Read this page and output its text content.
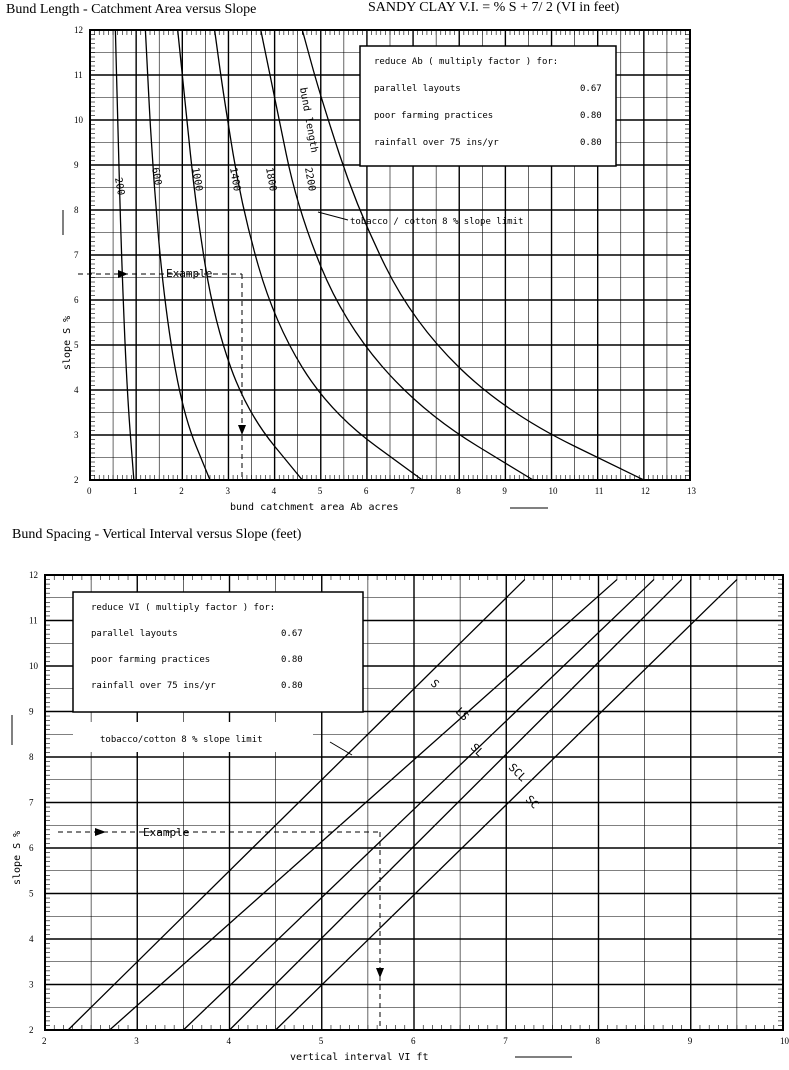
Bund Length - Catchment Area versus Slope	SANDY CLAY V.I. = % S + 7/ 2 (VI in feet)
Bund Spacing - Vertical Interval versus Slope (feet)
0	1	2	3	4	5	6	7	8	9	10	11	12	13
2
3
4
5
6
7
8
9
10
11
12
bund catchment area Ab acres
slope S %
reduce Ab ( multiply factor ) for:
parallel layouts	0.67
poor farming practices	0.80
rainfall over 75 ins/yr	0.80
tobacco / cotton 8 % slope limit
bund length
200
600	1000 1400 1800 2200
Example
2	3	4	5	6	7	8	9	10
2
3
4
5
6
7
8
9
10
11
12
vertical interval VI ft
slope S %
reduce VI ( multiply factor ) for:
parallel layouts	0.67
poor farming practices	0.80
rainfall over 75 ins/yr	0.80
tobacco/cotton 8 % slope limit
S
LS
SL
SCL
SC
Example
